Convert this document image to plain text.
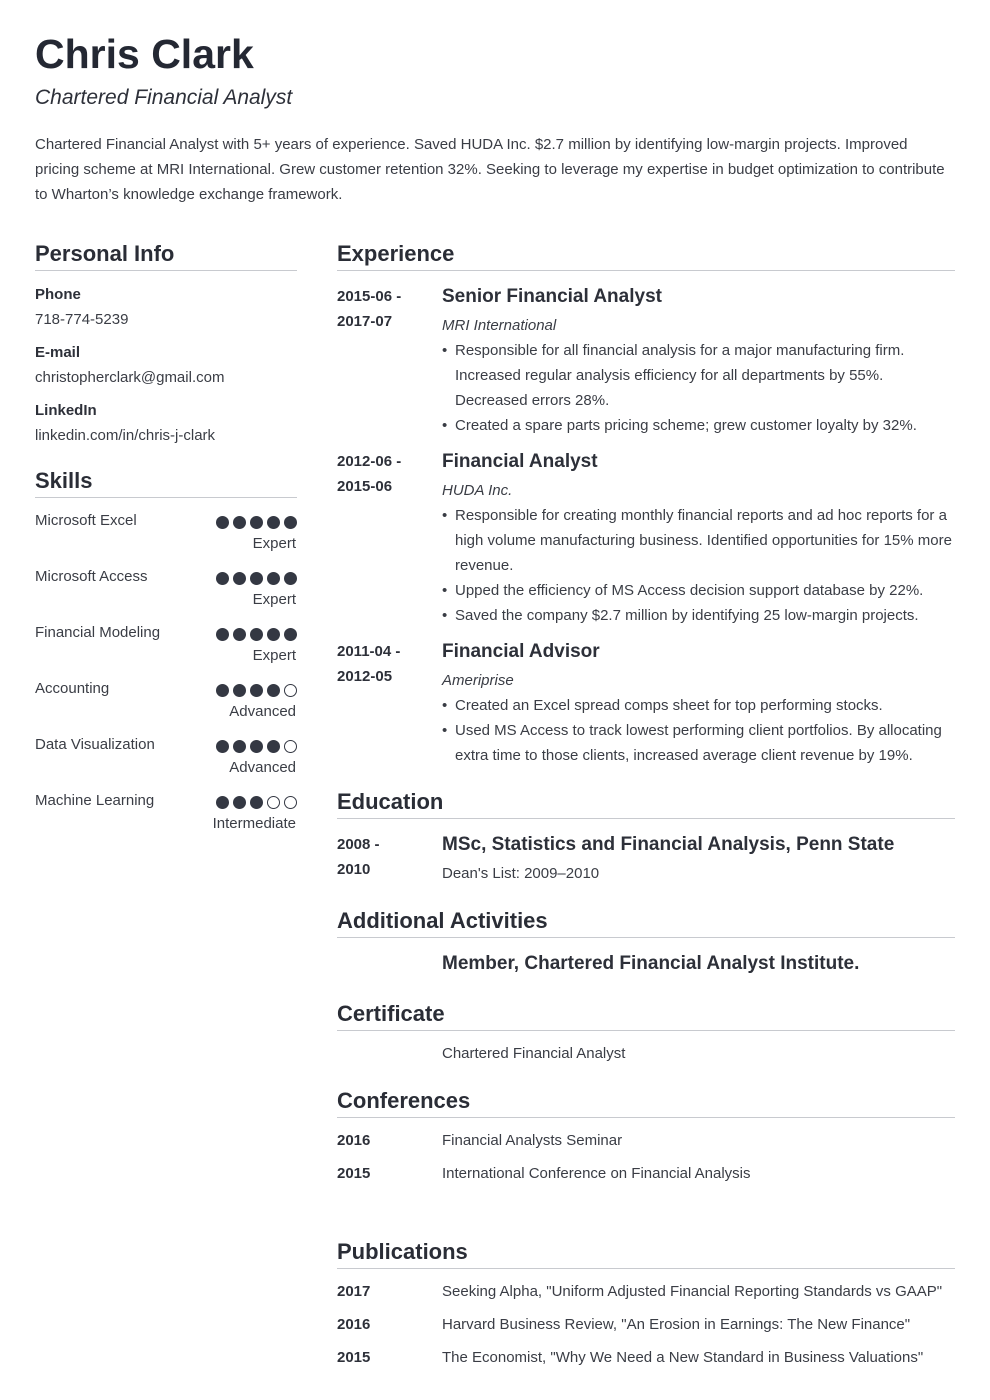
Chris Clark
Chartered Financial Analyst
Chartered Financial Analyst with 5+ years of experience. Saved HUDA Inc. $2.7 million by identifying low-margin projects. Improved pricing scheme at MRI International. Grew customer retention 32%. Seeking to leverage my expertise in budget optimization to contribute to Wharton’s knowledge exchange framework.
Personal Info
Phone
718-774-5239
E-mail
christopherclark@gmail.com
LinkedIn
linkedin.com/in/chris-j-clark
Skills
Microsoft Excel
Expert
Microsoft Access
Expert
Financial Modeling
Expert
Accounting
Advanced
Data Visualization
Advanced
Machine Learning
Intermediate
Experience
2015-06 -
2017-07
Senior Financial Analyst
MRI International
• Responsible for all financial analysis for a major manufacturing firm. Increased regular analysis efficiency for all departments by 55%. Decreased errors 28%.
• Created a spare parts pricing scheme; grew customer loyalty by 32%.
2012-06 -
2015-06
Financial Analyst
HUDA Inc.
• Responsible for creating monthly financial reports and ad hoc reports for a high volume manufacturing business. Identified opportunities for 15% more revenue.
• Upped the efficiency of MS Access decision support database by 22%.
• Saved the company $2.7 million by identifying 25 low-margin projects.
2011-04 -
2012-05
Financial Advisor
Ameriprise
• Created an Excel spread comps sheet for top performing stocks.
• Used MS Access to track lowest performing client portfolios. By allocating extra time to those clients, increased average client revenue by 19%.
Education
2008 -
2010
MSc, Statistics and Financial Analysis, Penn State
Dean's List: 2009–2010
Additional Activities
Member, Chartered Financial Analyst Institute.
Certificate
Chartered Financial Analyst
Conferences
2016	Financial Analysts Seminar
2015	International Conference on Financial Analysis
Publications
2017	Seeking Alpha, "Uniform Adjusted Financial Reporting Standards vs GAAP"
2016	Harvard Business Review, "An Erosion in Earnings: The New Finance"
2015	The Economist, "Why We Need a New Standard in Business Valuations"
